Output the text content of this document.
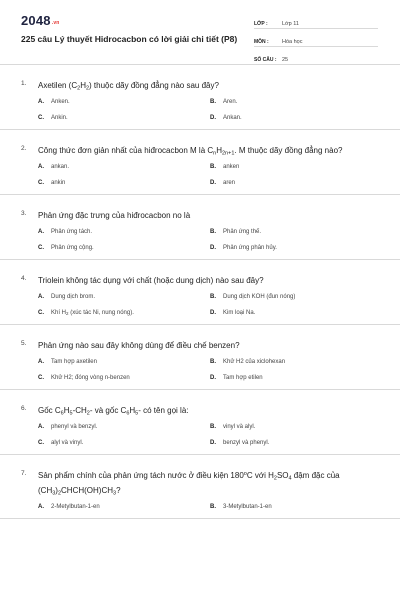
2048.vn
225 câu Lý thuyết Hidrocacbon có lời giải chi tiết (P8)
LỚP :	Lớp 11
MÔN :	Hóa học
SỐ CÂU :	25
1.	Axetilen $(C_2H_2)$ thuộc dãy đồng đẳng nào sau đây?
A.	Anken.	B.	Aren.
C.	Ankin.	D.	Ankan.
2.	Công thức đơn giản nhất của hiđrocacbon M là $C_nH_{2n+1}$. M thuộc dãy đồng đẳng nào?
A.	ankan.	B.	anken
C.	ankin	D.	aren
3.	Phản ứng đặc trưng của hiđrocacbon no là
A.	Phản ứng tách.	B.	Phản ứng thế.
C.	Phản ứng cộng.	D.	Phản ứng phân hủy.
4.	Triolein không tác dụng với chất (hoặc dung dịch) nào sau đây?
A.	Dung dịch brom.	B.	Dung dịch KOH (đun nóng)
C.	Khí $H_2$ (xúc tác Ni, nung nóng).	D.	Kim loại Na.
5.	Phản ứng nào sau đây không dùng để điều chế benzen?
A.	Tam hợp axetilen	B.	Khử H2 của xiclohexan
C.	Khử H2; đóng vòng n-benzen	D.	Tam hợp etilen
6.	Gốc $C_6H_5-CH_2-$ và gốc $C_6H_5-$ có tên gọi là:
A.	phenyl và benzyl.	B.	vinyl và alyl.
C.	alyl và vinyl.	D.	benzyl và phenyl.
7.	Sản phẩm chính của phản ứng tách nước ở điều kiện 180$^o$C với $H_2SO_4$ đậm đặc của $(CH_3)_2CHCH(OH)CH_3$?
A.	2-Metylbutan-1-en	B.	3-Metylbutan-1-en
